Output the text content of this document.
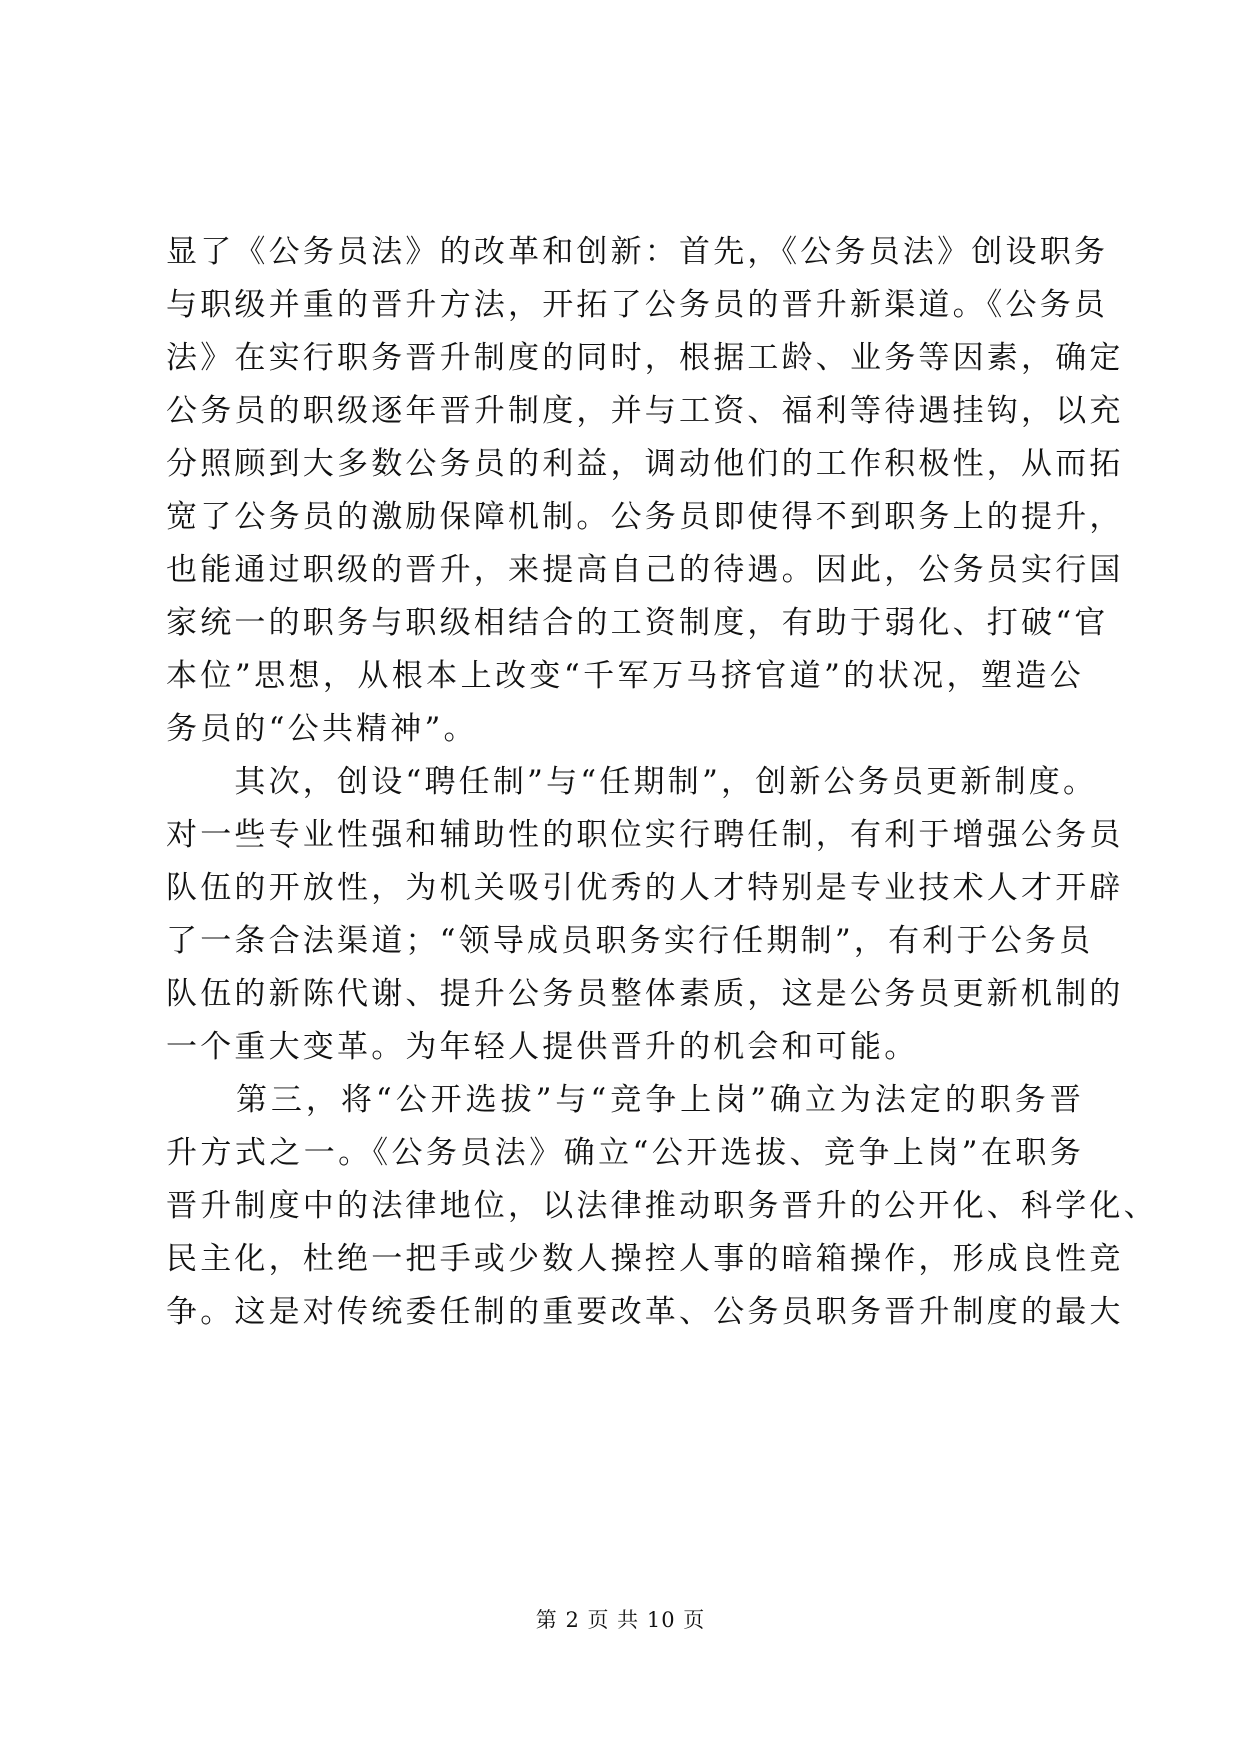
显了《公务员法》的改革和创新：首先，《公务员法》创设职务
与职级并重的晋升方法，开拓了公务员的晋升新渠道。《公务员
法》在实行职务晋升制度的同时，根据工龄、业务等因素，确定
公务员的职级逐年晋升制度，并与工资、福利等待遇挂钩，以充
分照顾到大多数公务员的利益，调动他们的工作积极性，从而拓
宽了公务员的激励保障机制。公务员即使得不到职务上的提升，
也能通过职级的晋升，来提高自己的待遇。因此，公务员实行国
家统一的职务与职级相结合的工资制度，有助于弱化、打破“官
本位”思想，从根本上改变“千军万马挤官道”的状况，塑造公
务员的“公共精神”。
　　其次，创设“聘任制”与“任期制”，创新公务员更新制度。
对一些专业性强和辅助性的职位实行聘任制，有利于增强公务员
队伍的开放性，为机关吸引优秀的人才特别是专业技术人才开辟
了一条合法渠道；“领导成员职务实行任期制”，有利于公务员
队伍的新陈代谢、提升公务员整体素质，这是公务员更新机制的
一个重大变革。为年轻人提供晋升的机会和可能。
　　第三，将“公开选拔”与“竞争上岗”确立为法定的职务晋
升方式之一。《公务员法》确立“公开选拔、竞争上岗”在职务
晋升制度中的法律地位，以法律推动职务晋升的公开化、科学化、
民主化，杜绝一把手或少数人操控人事的暗箱操作，形成良性竞
争。这是对传统委任制的重要改革、公务员职务晋升制度的最大
第 2 页 共 10 页
